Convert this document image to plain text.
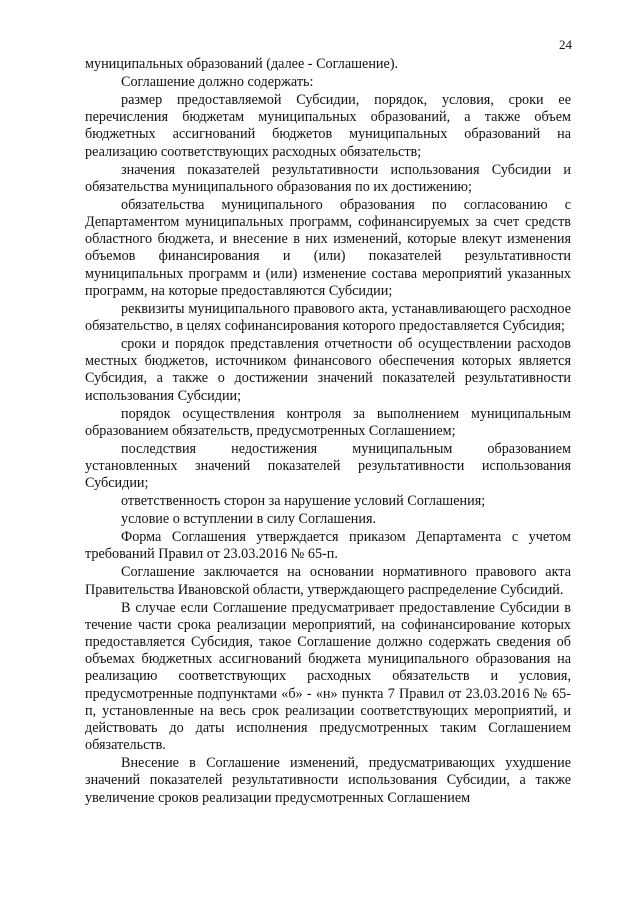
24

муниципальных образований (далее - Соглашение).

Соглашение должно содержать:

размер предоставляемой Субсидии, порядок, условия, сроки ее перечисления бюджетам муниципальных образований, а также объем бюджетных ассигнований бюджетов муниципальных образований на реализацию соответствующих расходных обязательств;

значения показателей результативности использования Субсидии и обязательства муниципального образования по их достижению;

обязательства муниципального образования по согласованию с Департаментом муниципальных программ, софинансируемых за счет средств областного бюджета, и внесение в них изменений, которые влекут изменения объемов финансирования и (или) показателей результативности муниципальных программ и (или) изменение состава мероприятий указанных программ, на которые предоставляются Субсидии;

реквизиты муниципального правового акта, устанавливающего расходное обязательство, в целях софинансирования которого предоставляется Субсидия;

сроки и порядок представления отчетности об осуществлении расходов местных бюджетов, источником финансового обеспечения которых является Субсидия, а также о достижении значений показателей результативности использования Субсидии;

порядок осуществления контроля за выполнением муниципальным образованием обязательств, предусмотренных Соглашением;

последствия недостижения муниципальным образованием установленных значений показателей результативности использования Субсидии;

ответственность сторон за нарушение условий Соглашения;

условие о вступлении в силу Соглашения.

Форма Соглашения утверждается приказом Департамента с учетом требований Правил от 23.03.2016 № 65-п.

Соглашение заключается на основании нормативного правового акта Правительства Ивановской области, утверждающего распределение Субсидий.

В случае если Соглашение предусматривает предоставление Субсидии в течение части срока реализации мероприятий, на софинансирование которых предоставляется Субсидия, такое Соглашение должно содержать сведения об объемах бюджетных ассигнований бюджета муниципального образования на реализацию соответствующих расходных обязательств и условия, предусмотренные подпунктами «б» - «н» пункта 7 Правил от 23.03.2016 № 65-п, установленные на весь срок реализации соответствующих мероприятий, и действовать до даты исполнения предусмотренных таким Соглашением обязательств.

Внесение в Соглашение изменений, предусматривающих ухудшение значений показателей результативности использования Субсидии, а также увеличение сроков реализации предусмотренных Соглашением
